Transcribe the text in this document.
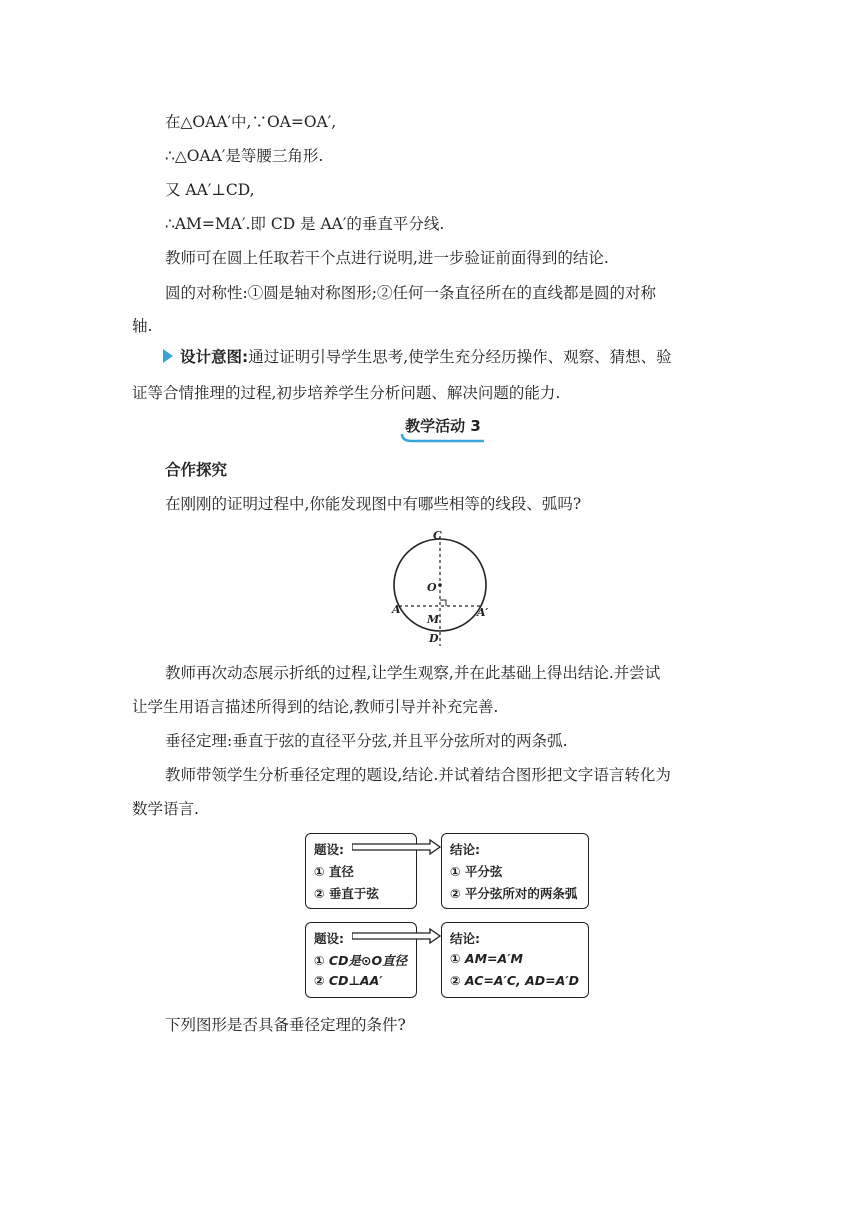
在△OAA′中,∵OA=OA′,
∴△OAA′是等腰三角形.
又 AA′⊥CD,
∴AM=MA′.即 CD 是 AA′的垂直平分线.
教师可在圆上任取若干个点进行说明,进一步验证前面得到的结论.
圆的对称性:①圆是轴对称图形;②任何一条直径所在的直线都是圆的对称
轴.
设计意图:通过证明引导学生思考,使学生充分经历操作、观察、猜想、验
证等合情推理的过程,初步培养学生分析问题、解决问题的能力.
教学活动 3
合作探究
在刚刚的证明过程中,你能发现图中有哪些相等的线段、弧吗?
C
O
A	A′
M
D
教师再次动态展示折纸的过程,让学生观察,并在此基础上得出结论.并尝试
让学生用语言描述所得到的结论,教师引导并补充完善.
垂径定理:垂直于弦的直径平分弦,并且平分弦所对的两条弧.
教师带领学生分析垂径定理的题设,结论.并试着结合图形把文字语言转化为
数学语言.
题设:
① 直径
② 垂直于弦
结论:
① 平分弦
② 平分弦所对的两条弧
题设:
① CD是⊙O直径
② CD⊥AA′
结论:
① AM=A′M
② AC=A′C, AD=A′D
下列图形是否具备垂径定理的条件?
